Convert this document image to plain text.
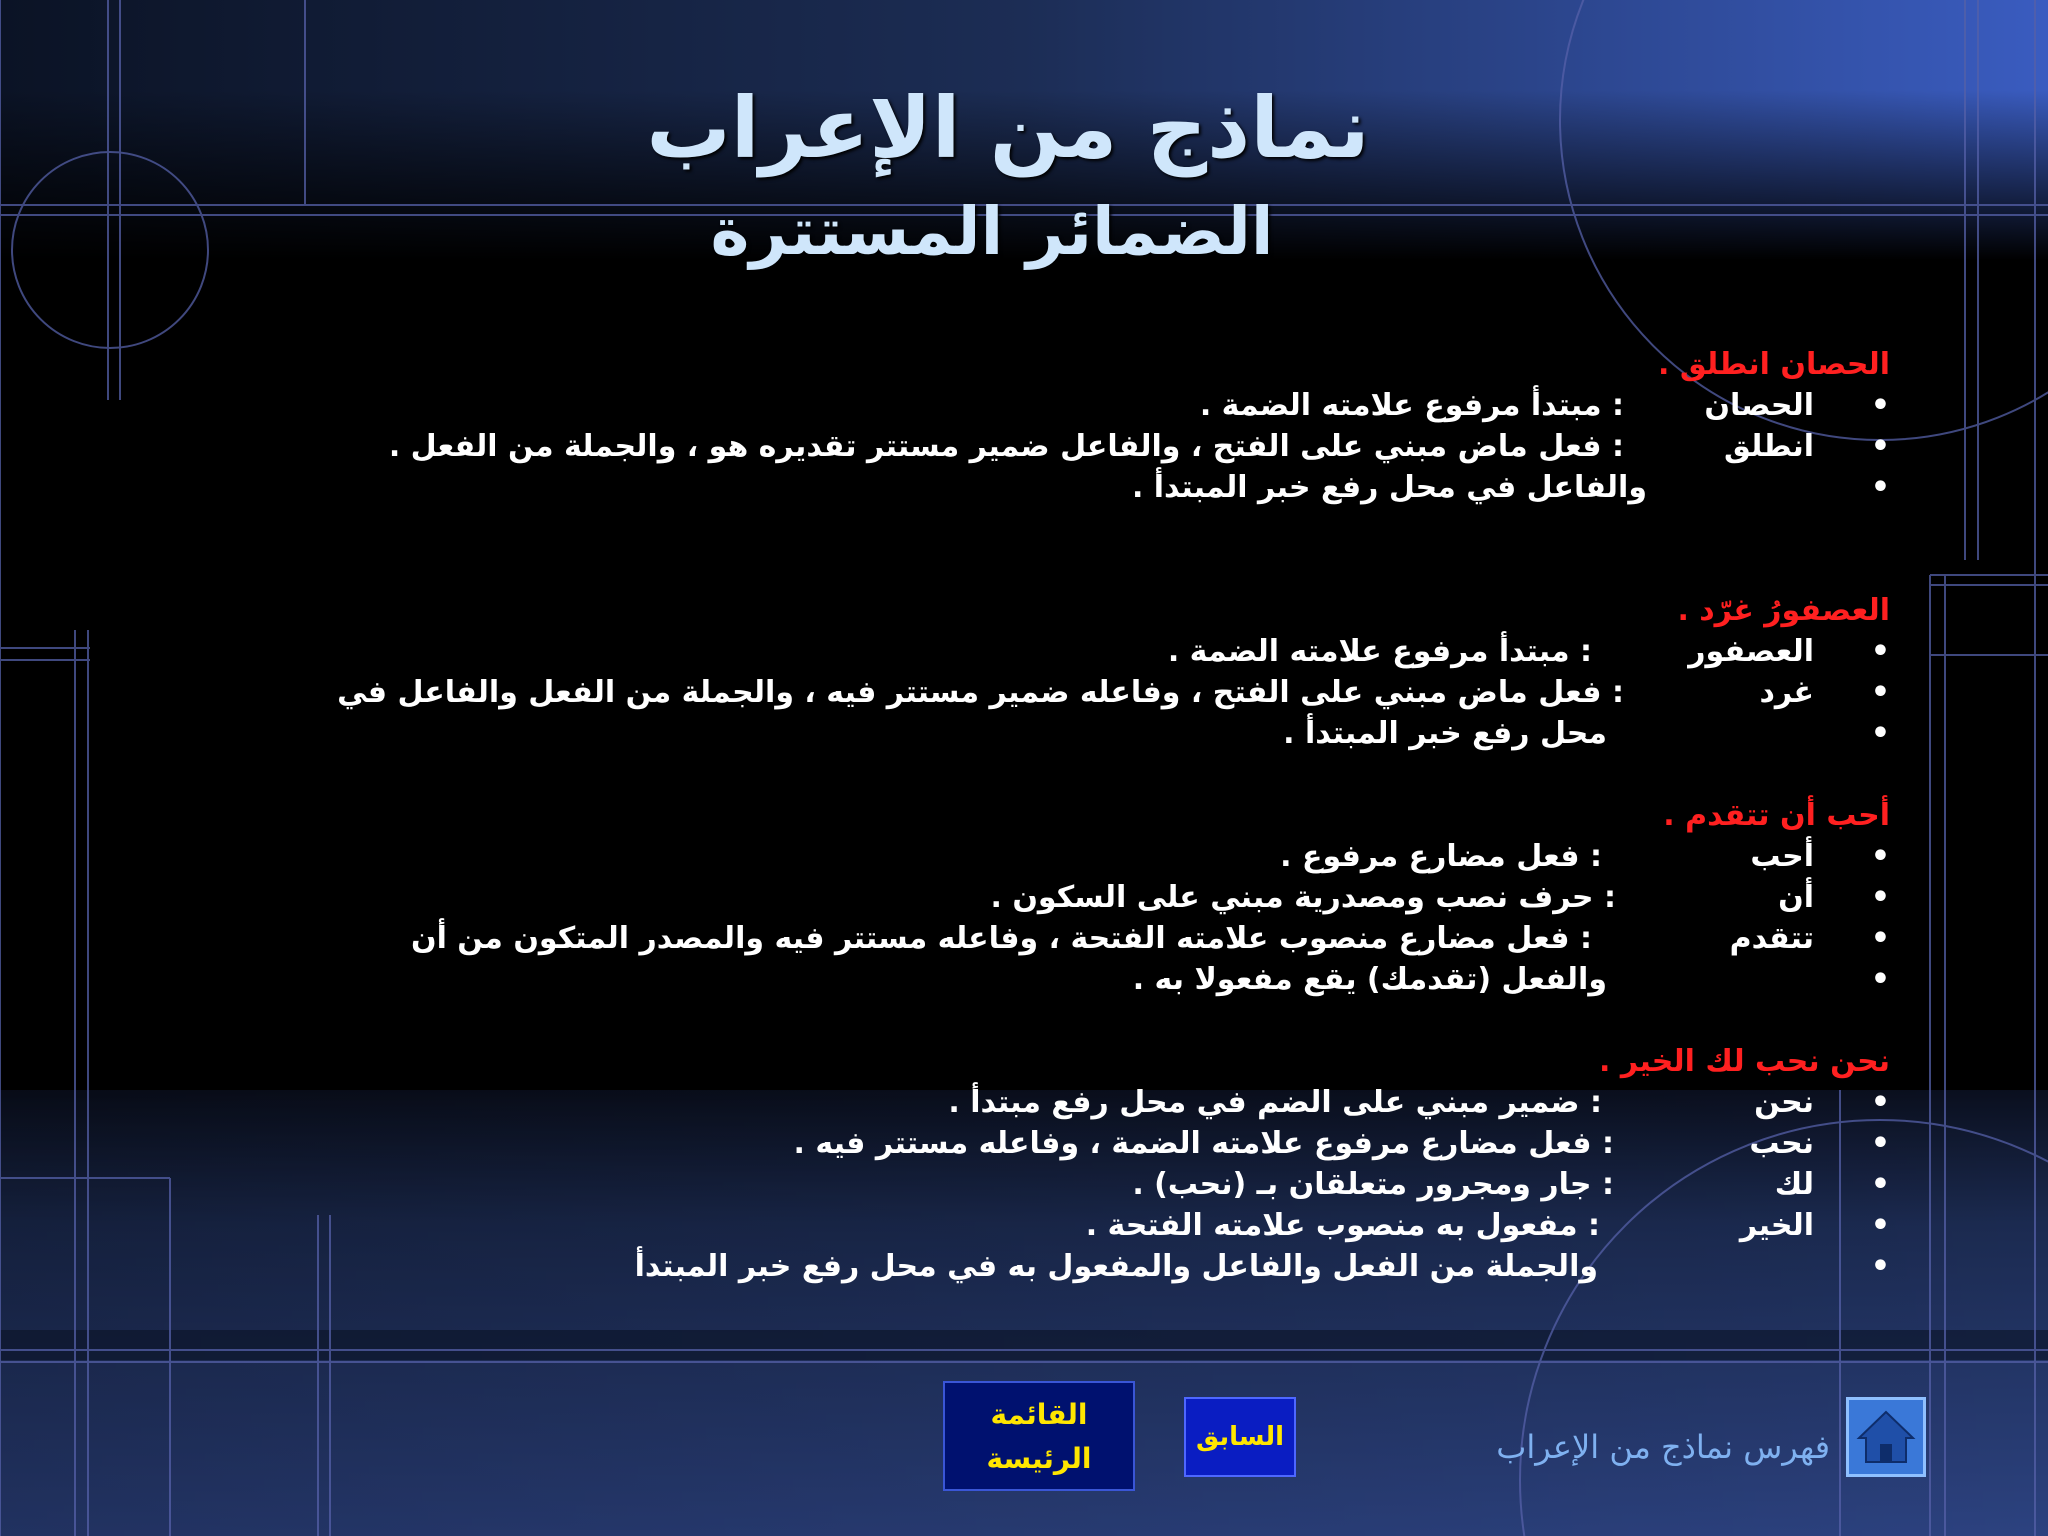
نماذج من الإعراب
الضمائر المستترة
الحصان انطلق .
•
الحصان
: مبتدأ مرفوع علامته الضمة .
•
انطلق
: فعل ماض مبني على الفتح ، والفاعل ضمير مستتر تقديره هو ، والجملة من الفعل .
•
والفاعل في محل رفع خبر المبتدأ .
العصفورُ غرّد .
•
العصفور
: مبتدأ مرفوع علامته الضمة .
•
غرد
: فعل ماض مبني على الفتح ، وفاعله ضمير مستتر فيه ، والجملة من الفعل والفاعل في
•
محل رفع خبر المبتدأ .
أحب أن تتقدم .
•
أحب
: فعل مضارع مرفوع .
•
أن
: حرف نصب ومصدرية مبني على السكون .
•
تتقدم
: فعل مضارع منصوب علامته الفتحة ، وفاعله مستتر فيه والمصدر المتكون من أن
•
والفعل (تقدمك) يقع مفعولا به .
نحن نحب لك الخير .
•
نحن
: ضمير مبني على الضم في محل رفع مبتدأ .
•
نحب
: فعل مضارع مرفوع علامته الضمة ، وفاعله مستتر فيه .
•
لك
: جار ومجرور متعلقان بـ (نحب) .
•
الخير
: مفعول به منصوب علامته الفتحة .
•
والجملة من الفعل والفاعل والمفعول به في محل رفع خبر المبتدأ
القائمة
الرئيسة
السابق	فهرس نماذج من الإعراب
